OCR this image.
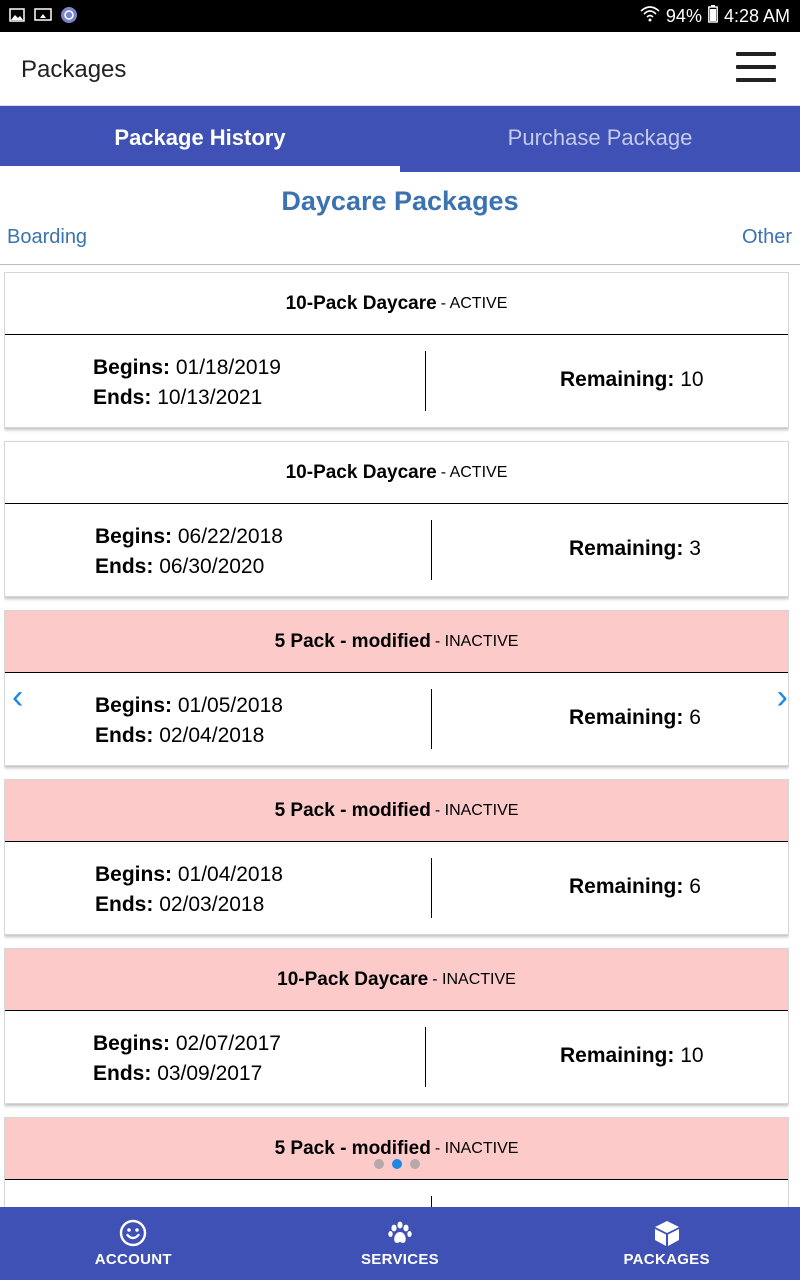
94% 4:28 AM
Packages
Package History	Purchase Package
Daycare Packages
Boarding	Other
10-Pack Daycare - ACTIVE
Begins: 01/18/2019
Ends: 10/13/2021
Remaining: 10
10-Pack Daycare - ACTIVE
Begins: 06/22/2018
Ends: 06/30/2020
Remaining: 3
5 Pack - modified - INACTIVE
Begins: 01/05/2018
Ends: 02/04/2018
Remaining: 6
5 Pack - modified - INACTIVE
Begins: 01/04/2018
Ends: 02/03/2018
Remaining: 6
10-Pack Daycare - INACTIVE
Begins: 02/07/2017
Ends: 03/09/2017
Remaining: 10
5 Pack - modified - INACTIVE
‹	›
ACCOUNT	SERVICES	PACKAGES
